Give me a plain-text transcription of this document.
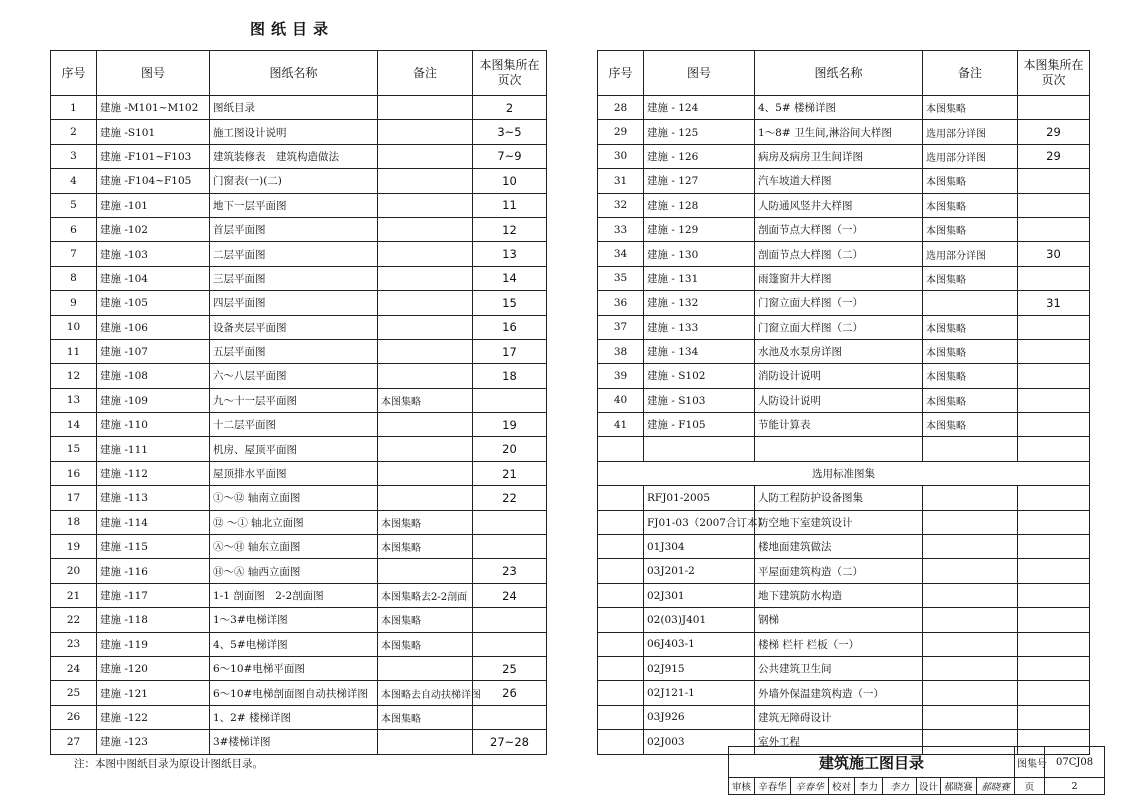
图纸目录
序号	图号	图纸名称	备注	本图集所在页次
1	建施 -M101~M102	图纸目录		2
2	建施 -S101	施工图设计说明		3~5
3	建施 -F101~F103	建筑装修表　建筑构造做法		7~9
4	建施 -F104~F105	门窗表(一)(二)		10
5	建施 -101	地下一层平面图		11
6	建施 -102	首层平面图		12
7	建施 -103	二层平面图		13
8	建施 -104	三层平面图		14
9	建施 -105	四层平面图		15
10	建施 -106	设备夹层平面图		16
11	建施 -107	五层平面图		17
12	建施 -108	六～八层平面图		18
13	建施 -109	九～十一层平面图	本图集略	
14	建施 -110	十二层平面图		19
15	建施 -111	机房、屋顶平面图		20
16	建施 -112	屋顶排水平面图		21
17	建施 -113	①～⑫ 轴南立面图		22
18	建施 -114	⑫ ～① 轴北立面图	本图集略	
19	建施 -115	Ⓐ～Ⓗ 轴东立面图	本图集略	
20	建施 -116	Ⓗ～Ⓐ 轴西立面图		23
21	建施 -117	1-1 剖面图　2-2剖面图	本图集略去2-2剖面	24
22	建施 -118	1～3#电梯详图	本图集略	
23	建施 -119	4、5#电梯详图	本图集略	
24	建施 -120	6～10#电梯平面图		25
25	建施 -121	6～10#电梯剖面图自动扶梯详图	本图略去自动扶梯详图	26
26	建施 -122	1、2# 楼梯详图	本图集略	
27	建施 -123	3#楼梯详图		27~28
序号	图号	图纸名称	备注	本图集所在页次
28	建施 - 124	4、5# 楼梯详图	本图集略	
29	建施 - 125	1～8# 卫生间,淋浴间大样图	选用部分详图	29
30	建施 - 126	病房及病房卫生间详图	选用部分详图	29
31	建施 - 127	汽车坡道大样图	本图集略	
32	建施 - 128	人防通风竖井大样图	本图集略	
33	建施 - 129	剖面节点大样图（一）	本图集略	
34	建施 - 130	剖面节点大样图（二）	选用部分详图	30
35	建施 - 131	雨篷窗井大样图	本图集略	
36	建施 - 132	门窗立面大样图（一）		31
37	建施 - 133	门窗立面大样图（二）	本图集略	
38	建施 - 134	水池及水泵房详图	本图集略	
39	建施 - S102	消防设计说明	本图集略	
40	建施 - S103	人防设计说明	本图集略	
41	建施 - F105	节能计算表	本图集略	

选用标准图集				
	RFJ01-2005	人防工程防护设备图集		
	FJ01-03（2007合订本）	防空地下室建筑设计		
	01J304	楼地面建筑做法		
	03J201-2	平屋面建筑构造（二）		
	02J301	地下建筑防水构造		
	02(03)J401	钢梯		
	06J403-1	楼梯 栏杆 栏板（一）		
	02J915	公共建筑卫生间		
	02J121-1	外墙外保温建筑构造（一）		
	03J926	建筑无障碍设计		
	02J003	室外工程		
注：本图中图纸目录为原设计图纸目录。	建筑施工图目录									图集号	07CJ08
审核	辛春华	辛春华	校对	李力	李力	设计	郝晓赛	郝晓赛	页	2
